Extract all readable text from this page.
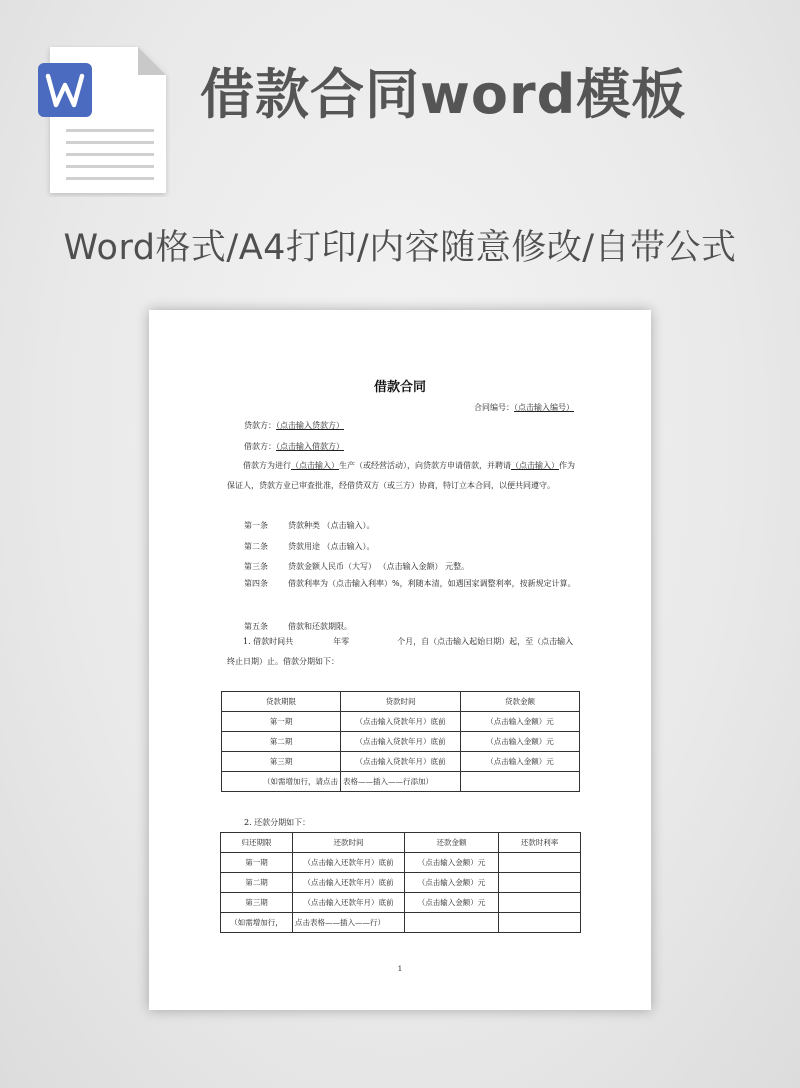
借款合同word模板
Word格式/A4打印/内容随意修改/自带公式
借款合同
合同编号：（点击输入编号）
贷款方：（点击输入贷款方）
借款方：（点击输入借款方）
借款方为进行（点击输入）生产（或经营活动），向贷款方申请借款，并聘请（点击输入）作为保证人，贷款方业已审查批准，经借贷双方（或三方）协商，特订立本合同，以便共同遵守。
第一条	贷款种类 （点击输入）。
第二条	贷款用途 （点击输入）。
第三条	贷款金额人民币（大写） （点击输入金额） 元整。
第四条	借款利率为（点击输入利率）%，利随本清，如遇国家调整利率，按新规定计算。
第五条	借款和还款期限。
1. 借款时间共　　　　　年零　　　　　　个月，自（点击输入起始日期）起，至（点击输入终止日期）止。借款分期如下：
贷款期限	贷款时间	贷款金额
第一期	（点击输入贷款年月）底前	（点击输入金额）元
第二期	（点击输入贷款年月）底前	（点击输入金额）元
第三期	（点击输入贷款年月）底前	（点击输入金额）元
（如需增加行，请点击	表格——插入——行添加）	
2. 还款分期如下：
归还期限	还款时间	还款金额	还款时利率
第一期	（点击输入还款年月）底前	（点击输入金额）元	
第二期	（点击输入还款年月）底前	（点击输入金额）元	
第三期	（点击输入还款年月）底前	（点击输入金额）元	
（如需增加行，	点击表格——插入——行）		
1
